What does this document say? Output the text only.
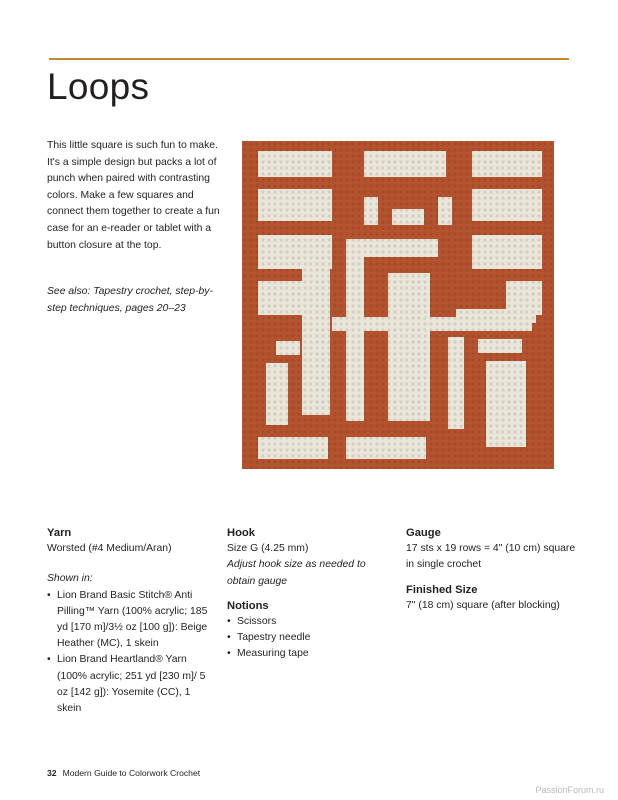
Loops

This little square is such fun to make. It's a simple design but packs a lot of punch when paired with contrasting colors. Make a few squares and connect them together to create a fun case for an e-reader or tablet with a button closure at the top.

See also: Tapestry crochet, step-by-step techniques, pages 20–23

Yarn

Worsted (#4 Medium/Aran)

Shown in:

• Lion Brand Basic Stitch® Anti Pilling™ Yarn (100% acrylic; 185 yd [170 m]/3½ oz [100 g]): Beige Heather (MC), 1 skein
• Lion Brand Heartland® Yarn (100% acrylic; 251 yd [230 m]/ 5 oz [142 g]): Yosemite (CC), 1 skein
Hook

Size G (4.25 mm)

Adjust hook size as needed to obtain gauge

Notions
• Scissors
• Tapestry needle
• Measuring tape
Gauge

17 sts x 19 rows = 4" (10 cm) square in single crochet

Finished Size

7" (18 cm) square (after blocking)

32 Modern Guide to Colorwork Crochet
PassionForum.ru
